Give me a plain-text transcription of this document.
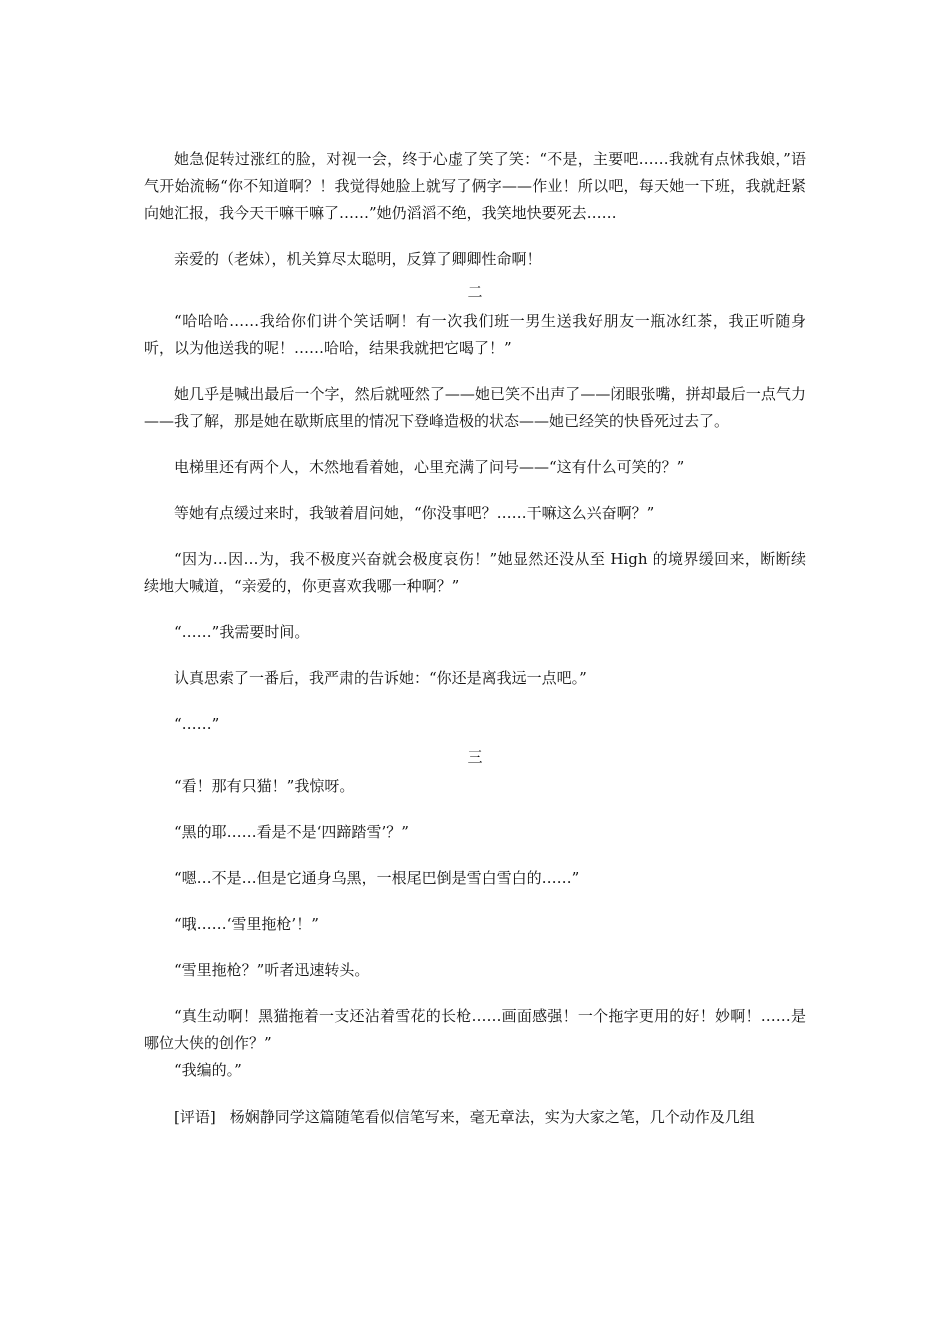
她急促转过涨红的脸，对视一会，终于心虚了笑了笑：“不是，主要吧……我就有点怵我娘，”语气开始流畅“你不知道啊？！我觉得她脸上就写了俩字——作业！所以吧，每天她一下班，我就赶紧向她汇报，我今天干嘛干嘛了……”她仍滔滔不绝，我笑地快要死去……

亲爱的（老妹），机关算尽太聪明，反算了卿卿性命啊！

二

“哈哈哈……我给你们讲个笑话啊！有一次我们班一男生送我好朋友一瓶冰红茶，我正听随身听，以为他送我的呢！……哈哈，结果我就把它喝了！”

她几乎是喊出最后一个字，然后就哑然了——她已笑不出声了——闭眼张嘴，拼却最后一点气力——我了解，那是她在歇斯底里的情况下登峰造极的状态——她已经笑的快昏死过去了。

电梯里还有两个人，木然地看着她，心里充满了问号——“这有什么可笑的？”

等她有点缓过来时，我皱着眉问她，“你没事吧？……干嘛这么兴奋啊？”

“因为…因…为，我不极度兴奋就会极度哀伤！”她显然还没从至 High 的境界缓回来，断断续续地大喊道，“亲爱的，你更喜欢我哪一种啊？”

“……”我需要时间。

认真思索了一番后，我严肃的告诉她：“你还是离我远一点吧。”

“……”

三

“看！那有只猫！”我惊呀。

“黑的耶……看是不是‘四蹄踏雪’？”

“嗯…不是…但是它通身乌黑，一根尾巴倒是雪白雪白的……”

“哦……‘雪里拖枪’！”

“雪里拖枪？”听者迅速转头。

“真生动啊！黑猫拖着一支还沾着雪花的长枪……画面感强！一个拖字更用的好！妙啊！……是哪位大侠的创作？”

“我编的。”

[评语] 杨娴静同学这篇随笔看似信笔写来，毫无章法，实为大家之笔，几个动作及几组
